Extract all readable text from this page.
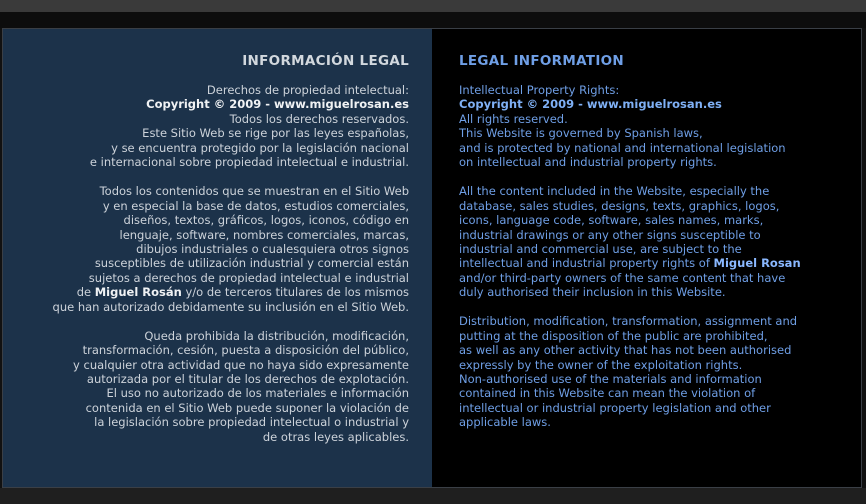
INFORMACIÓN LEGAL
Derechos de propiedad intelectual:
Copyright © 2009 - www.miguelrosan.es
Todos los derechos reservados.
Este Sitio Web se rige por las leyes españolas,
y se encuentra protegido por la legislación nacional
e internacional sobre propiedad intelectual e industrial.
Todos los contenidos que se muestran en el Sitio Web
y en especial la base de datos, estudios comerciales,
diseños, textos, gráficos, logos, iconos, código en
lenguaje, software, nombres comerciales, marcas,
dibujos industriales o cualesquiera otros signos
susceptibles de utilización industrial y comercial están
sujetos a derechos de propiedad intelectual e industrial
de Miguel Rosán y/o de terceros titulares de los mismos
que han autorizado debidamente su inclusión en el Sitio Web.
Queda prohibida la distribución, modificación,
transformación, cesión, puesta a disposición del público,
y cualquier otra actividad que no haya sido expresamente
autorizada por el titular de los derechos de explotación.
El uso no autorizado de los materiales e información
contenida en el Sitio Web puede suponer la violación de
la legislación sobre propiedad intelectual o industrial y
de otras leyes aplicables.
LEGAL INFORMATION
Intellectual Property Rights:
Copyright © 2009 - www.miguelrosan.es
All rights reserved.
This Website is governed by Spanish laws,
and is protected by national and international legislation
on intellectual and industrial property rights.
All the content included in the Website, especially the
database, sales studies, designs, texts, graphics, logos,
icons, language code, software, sales names, marks,
industrial drawings or any other signs susceptible to
industrial and commercial use, are subject to the
intellectual and industrial property rights of Miguel Rosan
and/or third-party owners of the same content that have
duly authorised their inclusion in this Website.
Distribution, modification, transformation, assignment and
putting at the disposition of the public are prohibited,
as well as any other activity that has not been authorised
expressly by the owner of the exploitation rights.
Non-authorised use of the materials and information
contained in this Website can mean the violation of
intellectual or industrial property legislation and other
applicable laws.
